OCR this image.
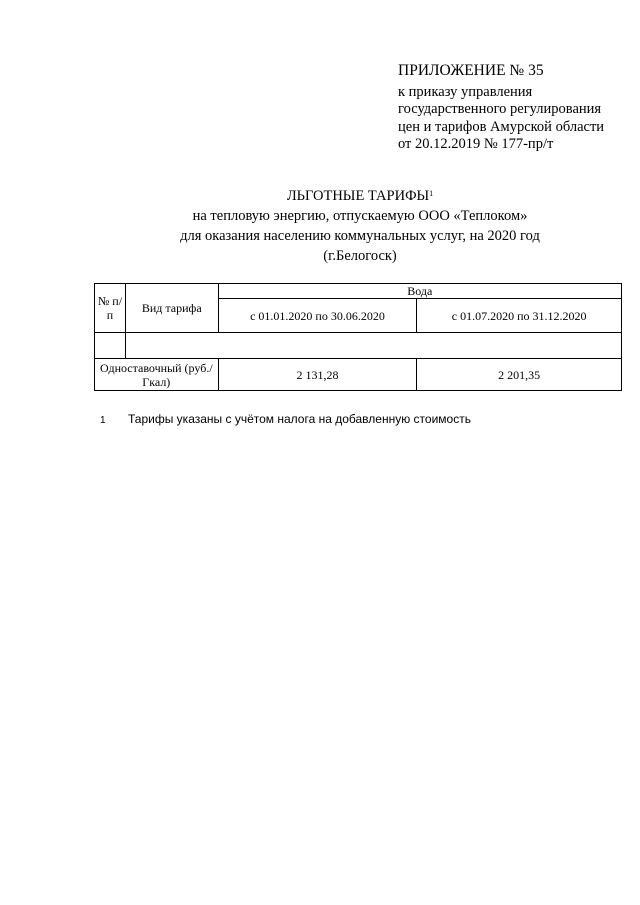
ПРИЛОЖЕНИЕ № 35
к приказу управления
государственного регулирования
цен и тарифов Амурской области
от 20.12.2019 № 177-пр/т
ЛЬГОТНЫЕ ТАРИФЫ$^1$
на тепловую энергию, отпускаемую ООО «Теплоком»
для оказания населению коммунальных услуг, на 2020 год
(г.Белогоск)
№ п/п	Вид тарифа	Вода	
		с 01.01.2020 по 30.06.2020	с 01.07.2020 по 31.12.2020

Одноставочный (руб./Гкал)		2 131,28	2 201,35
1 Тарифы указаны с учётом налога на добавленную стоимость
